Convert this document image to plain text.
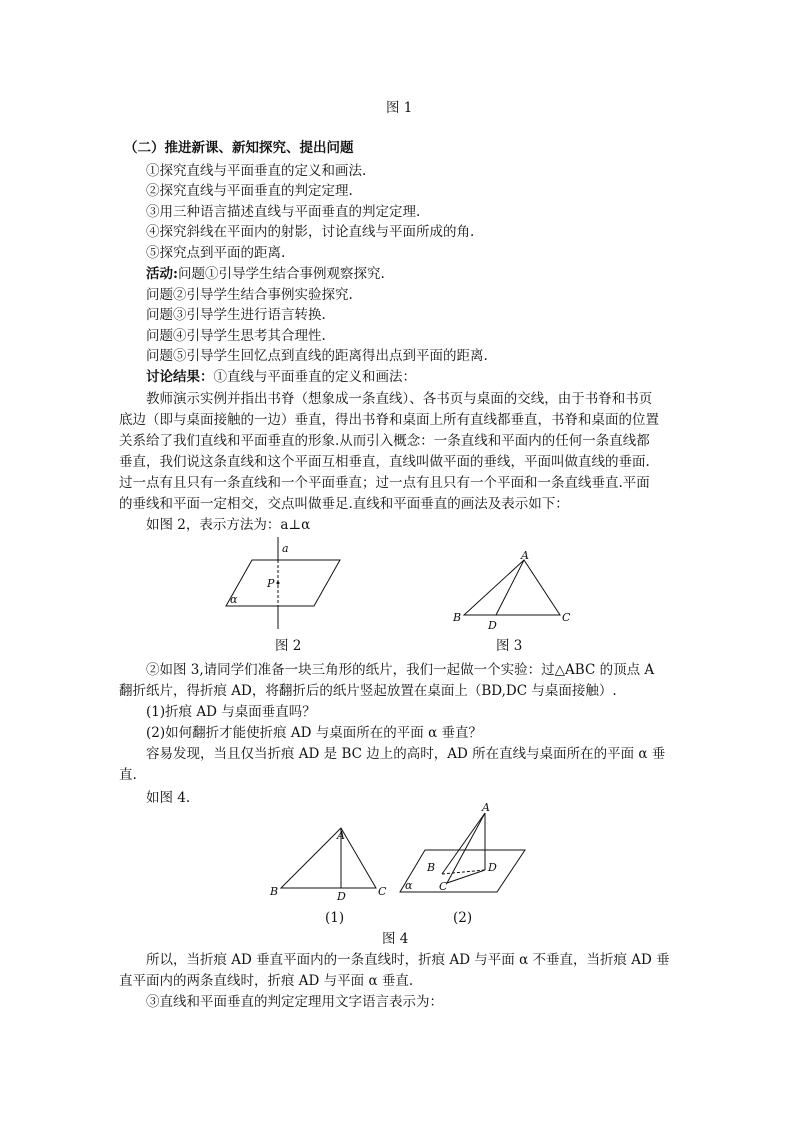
图 1
（二）推进新课、新知探究、提出问题
①探究直线与平面垂直的定义和画法.
②探究直线与平面垂直的判定定理.
③用三种语言描述直线与平面垂直的判定定理.
④探究斜线在平面内的射影，讨论直线与平面所成的角.
⑤探究点到平面的距离.
活动:问题①引导学生结合事例观察探究.
问题②引导学生结合事例实验探究.
问题③引导学生进行语言转换.
问题④引导学生思考其合理性.
问题⑤引导学生回忆点到直线的距离得出点到平面的距离.
讨论结果：①直线与平面垂直的定义和画法：
教师演示实例并指出书脊（想象成一条直线）、各书页与桌面的交线，由于书脊和书页
底边（即与桌面接触的一边）垂直，得出书脊和桌面上所有直线都垂直，书脊和桌面的位置
关系给了我们直线和平面垂直的形象.从而引入概念：一条直线和平面内的任何一条直线都
垂直，我们说这条直线和这个平面互相垂直，直线叫做平面的垂线，平面叫做直线的垂面.
过一点有且只有一条直线和一个平面垂直；过一点有且只有一个平面和一条直线垂直.平面
的垂线和平面一定相交，交点叫做垂足.直线和平面垂直的画法及表示如下：
如图 2，表示方法为：a⊥α
a
P
α
图 2
A
B	C
D
图 3
②如图 3,请同学们准备一块三角形的纸片，我们一起做一个实验：过△ABC 的顶点 A
翻折纸片，得折痕 AD，将翻折后的纸片竖起放置在桌面上（BD,DC 与桌面接触）.
(1)折痕 AD 与桌面垂直吗？
(2)如何翻折才能使折痕 AD 与桌面所在的平面 α 垂直？
容易发现，当且仅当折痕 AD 是 BC 边上的高时，AD 所在直线与桌面所在的平面 α 垂
直.
如图 4.
A
B	C
D
(1)
A
B
C
D
α
(2)
图 4
所以，当折痕 AD 垂直平面内的一条直线时，折痕 AD 与平面 α 不垂直，当折痕 AD 垂
直平面内的两条直线时，折痕 AD 与平面 α 垂直.
③直线和平面垂直的判定定理用文字语言表示为：
